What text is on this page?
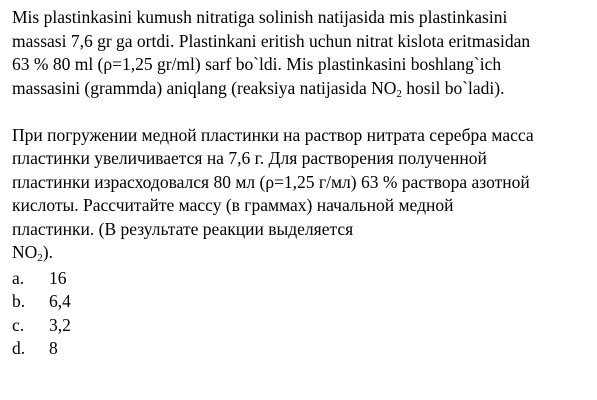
Mis plastinkasini kumush nitratiga solinish natijasida mis plastinkasini
massasi 7,6 gr ga ortdi. Plastinkani eritish uchun nitrat kislota eritmasidan
63 % 80 ml (ρ=1,25 gr/ml) sarf bo`ldi. Mis plastinkasini boshlang`ich
massasini (grammda) aniqlang (reaksiya natijasida $NO_2$ hosil bo`ladi).
При погружении медной пластинки на раствор нитрата серебра масса
пластинки увеличивается на 7,6 г. Для растворения полученной
пластинки израсходовался 80 мл (ρ=1,25 г/мл) 63 % раствора азотной
кислоты. Рассчитайте массу (в граммах) начальной медной
пластинки. (В результате реакции выделяется
$NO_2$).
a.	16
b.	6,4
c.	3,2
d.	8
